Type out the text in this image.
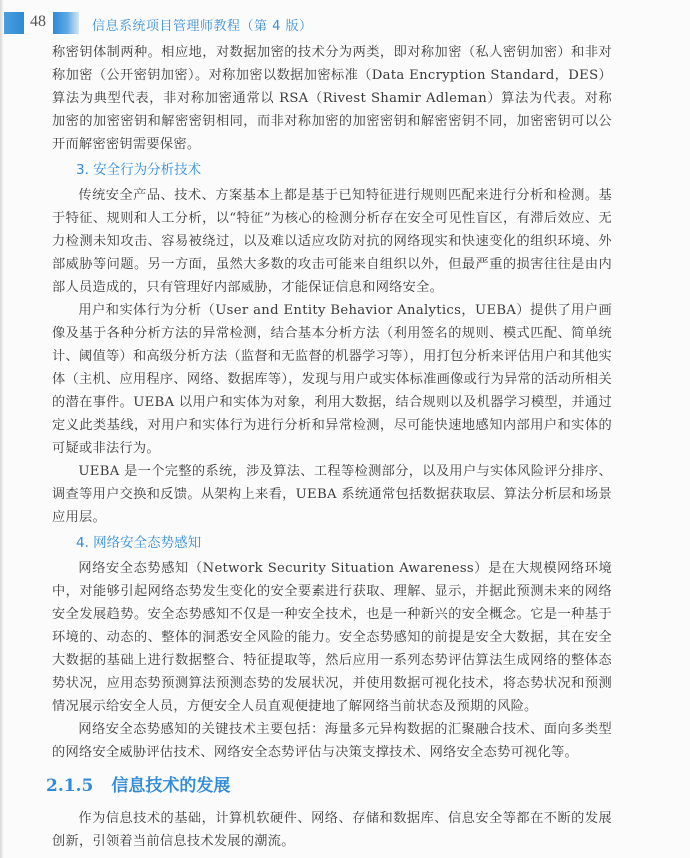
48	信息系统项目管理师教程（第 4 版）

称密钥体制两种。相应地，对数据加密的技术分为两类，即对称加密（私人密钥加密）和非对称加密（公开密钥加密）。对称加密以数据加密标准（Data Encryption Standard，DES）算法为典型代表，非对称加密通常以 RSA（Rivest Shamir Adleman）算法为代表。对称加密的加密密钥和解密密钥相同，而非对称加密的加密密钥和解密密钥不同，加密密钥可以公开而解密密钥需要保密。

3. 安全行为分析技术

传统安全产品、技术、方案基本上都是基于已知特征进行规则匹配来进行分析和检测。基于特征、规则和人工分析，以“特征”为核心的检测分析存在安全可见性盲区，有滞后效应、无力检测未知攻击、容易被绕过，以及难以适应攻防对抗的网络现实和快速变化的组织环境、外部威胁等问题。另一方面，虽然大多数的攻击可能来自组织以外，但最严重的损害往往是由内部人员造成的，只有管理好内部威胁，才能保证信息和网络安全。

用户和实体行为分析（User and Entity Behavior Analytics，UEBA）提供了用户画像及基于各种分析方法的异常检测，结合基本分析方法（利用签名的规则、模式匹配、简单统计、阈值等）和高级分析方法（监督和无监督的机器学习等），用打包分析来评估用户和其他实体（主机、应用程序、网络、数据库等），发现与用户或实体标准画像或行为异常的活动所相关的潜在事件。UEBA 以用户和实体为对象，利用大数据，结合规则以及机器学习模型，并通过定义此类基线，对用户和实体行为进行分析和异常检测，尽可能快速地感知内部用户和实体的可疑或非法行为。

UEBA 是一个完整的系统，涉及算法、工程等检测部分，以及用户与实体风险评分排序、调查等用户交换和反馈。从架构上来看，UEBA 系统通常包括数据获取层、算法分析层和场景应用层。

4. 网络安全态势感知

网络安全态势感知（Network Security Situation Awareness）是在大规模网络环境中，对能够引起网络态势发生变化的安全要素进行获取、理解、显示，并据此预测未来的网络安全发展趋势。安全态势感知不仅是一种安全技术，也是一种新兴的安全概念。它是一种基于环境的、动态的、整体的洞悉安全风险的能力。安全态势感知的前提是安全大数据，其在安全大数据的基础上进行数据整合、特征提取等，然后应用一系列态势评估算法生成网络的整体态势状况，应用态势预测算法预测态势的发展状况，并使用数据可视化技术，将态势状况和预测情况展示给安全人员，方便安全人员直观便捷地了解网络当前状态及预期的风险。

网络安全态势感知的关键技术主要包括：海量多元异构数据的汇聚融合技术、面向多类型的网络安全威胁评估技术、网络安全态势评估与决策支撑技术、网络安全态势可视化等。

2.1.5 信息技术的发展

作为信息技术的基础，计算机软硬件、网络、存储和数据库、信息安全等都在不断的发展创新，引领着当前信息技术发展的潮流。
